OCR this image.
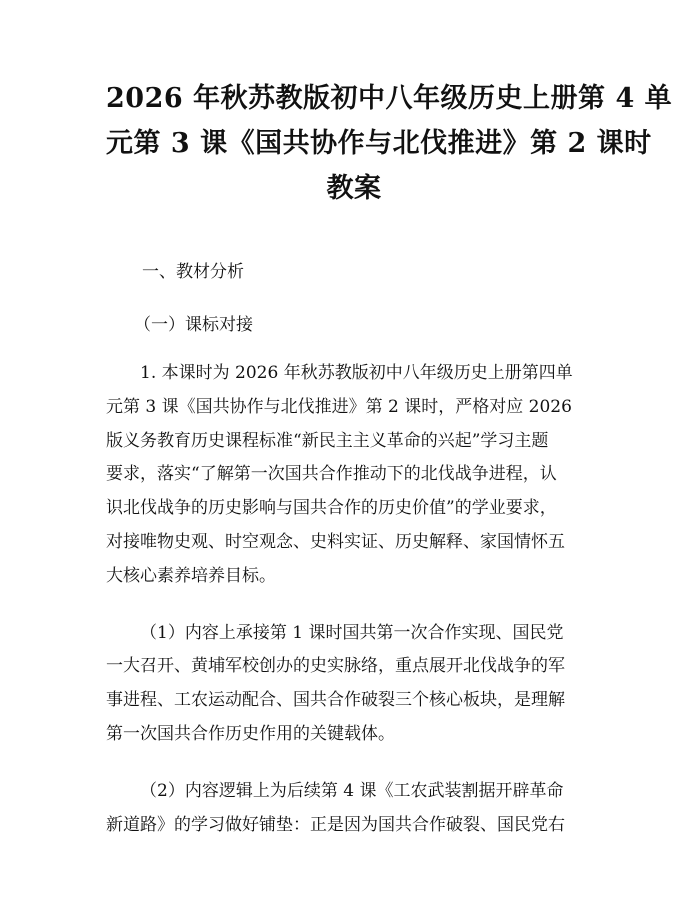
2026 年秋苏教版初中八年级历史上册第 4 单
元第 3 课《国共协作与北伐推进》第 2 课时
教案
一、教材分析
（一）课标对接
1. 本课时为 2026 年秋苏教版初中八年级历史上册第四单
元第 3 课《国共协作与北伐推进》第 2 课时，严格对应 2026
版义务教育历史课程标准“新民主主义革命的兴起”学习主题
要求，落实“了解第一次国共合作推动下的北伐战争进程，认
识北伐战争的历史影响与国共合作的历史价值”的学业要求，
对接唯物史观、时空观念、史料实证、历史解释、家国情怀五
大核心素养培养目标。
（1）内容上承接第 1 课时国共第一次合作实现、国民党
一大召开、黄埔军校创办的史实脉络，重点展开北伐战争的军
事进程、工农运动配合、国共合作破裂三个核心板块，是理解
第一次国共合作历史作用的关键载体。
（2）内容逻辑上为后续第 4 课《工农武装割据开辟革命
新道路》的学习做好铺垫：正是因为国共合作破裂、国民党右
